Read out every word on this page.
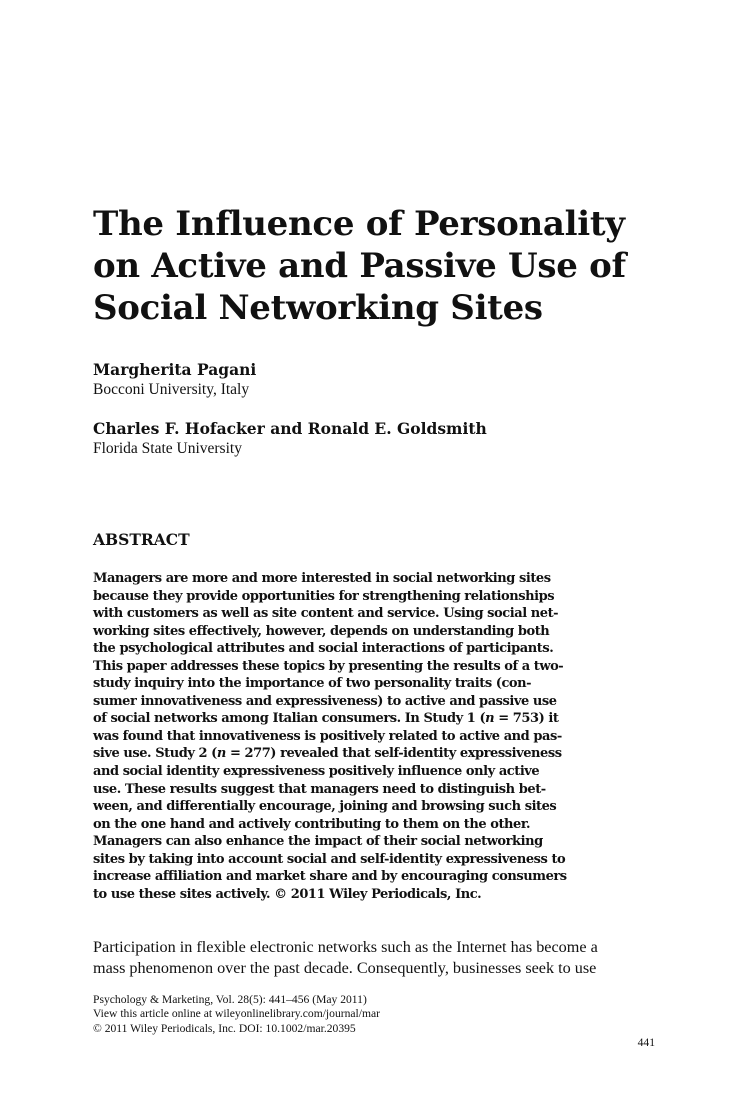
The Influence of Personality
on Active and Passive Use of
Social Networking Sites
Margherita Pagani
Bocconi University, Italy
Charles F. Hofacker and Ronald E. Goldsmith
Florida State University
ABSTRACT
Managers are more and more interested in social networking sites
because they provide opportunities for strengthening relationships
with customers as well as site content and service. Using social net-
working sites effectively, however, depends on understanding both
the psychological attributes and social interactions of participants.
This paper addresses these topics by presenting the results of a two-
study inquiry into the importance of two personality traits (con-
sumer innovativeness and expressiveness) to active and passive use
of social networks among Italian consumers. In Study 1 (n = 753) it
was found that innovativeness is positively related to active and pas-
sive use. Study 2 (n = 277) revealed that self-identity expressiveness
and social identity expressiveness positively influence only active
use. These results suggest that managers need to distinguish bet-
ween, and differentially encourage, joining and browsing such sites
on the one hand and actively contributing to them on the other.
Managers can also enhance the impact of their social networking
sites by taking into account social and self-identity expressiveness to
increase affiliation and market share and by encouraging consumers
to use these sites actively. © 2011 Wiley Periodicals, Inc.
Participation in flexible electronic networks such as the Internet has become a
mass phenomenon over the past decade. Consequently, businesses seek to use
Psychology & Marketing, Vol. 28(5): 441–456 (May 2011)
View this article online at wileyonlinelibrary.com/journal/mar
© 2011 Wiley Periodicals, Inc. DOI: 10.1002/mar.20395
441
